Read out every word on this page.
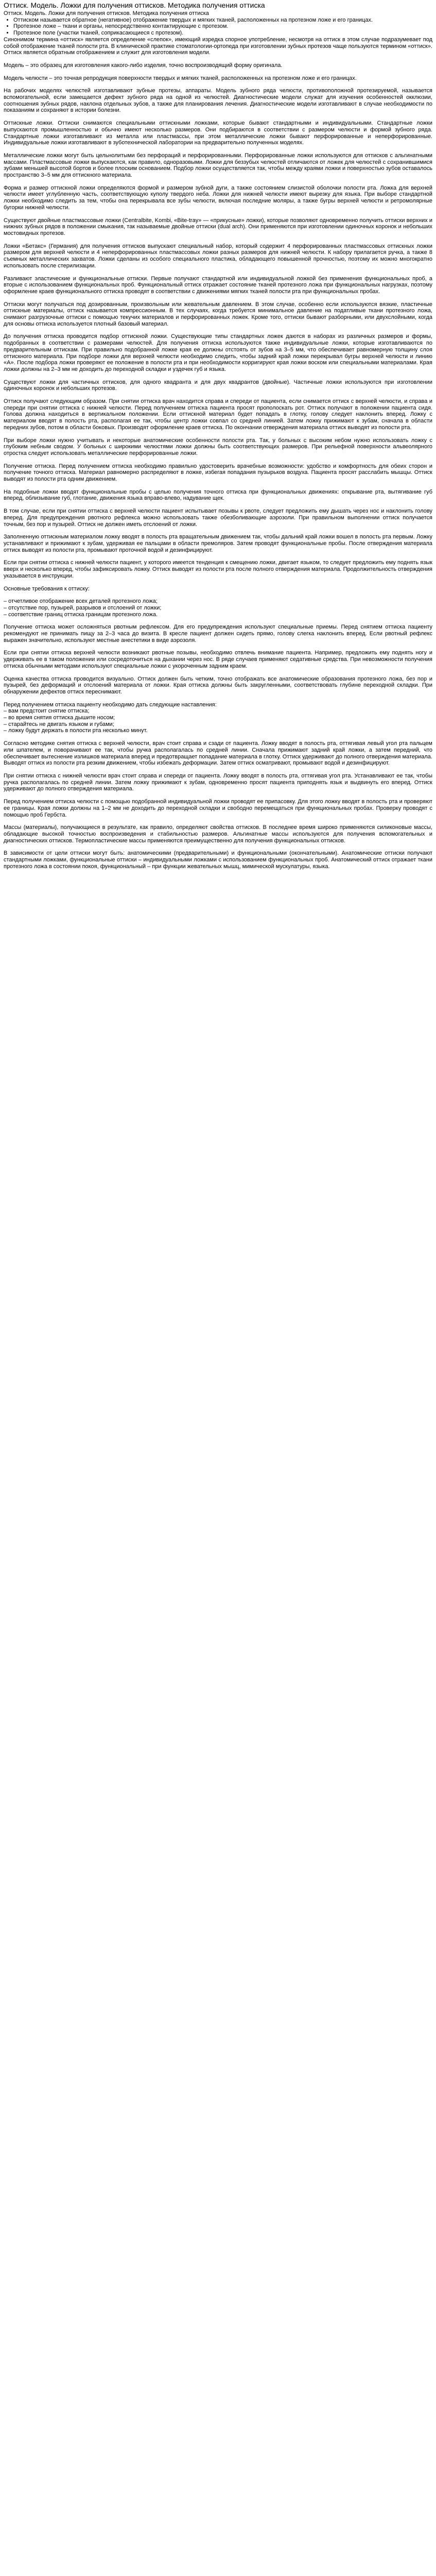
Оттиск. Модель. Ложки для получения оттисков. Методика получения оттиска
Оттиск. Модель. Ложки для получения оттисков. Методика получения оттиска
• Оттиском называется обратное (негативное) отображение твердых и мягких тканей, расположенных на протезном ложе и его границах.
• Протезное ложе – ткани и органы, непосредственно контактирующие с протезом.
• Протезное поле (участки тканей, соприкасающиеся с протезом).

Синонимом термина «оттиск» является определение «слепок», имеющий изредка спорное употребление, несмотря на оттиск в этом случае подразумевает под собой отображение тканей полости рта. В клинической практике стоматологии-ортопеда при изготовлении зубных протезов чаще пользуются термином «оттиск». Оттиск является обратным отображением и служит для изготовления модели.

Модель – это образец для изготовления какого-либо изделия, точно воспроизводящий форму оригинала.

Модель челюсти – это точная репродукция поверхности твердых и мягких тканей, расположенных на протезном ложе и его границах.

На рабочих моделях челюстей изготавливают зубные протезы, аппараты. Модель зубного ряда челюсти, противоположной протезируемой, называется вспомогательной, если замещается дефект зубного ряда на одной из челюстей. Диагностические модели служат для изучения особенностей окклюзии, соотношения зубных рядов, наклона отдельных зубов, а также для планирования лечения. Диагностические модели изготавливают в случае необходимости по показаниям и сохраняют в истории болезни.

Оттискные ложки. Оттиски снимаются специальными оттискными ложками, которые бывают стандартными и индивидуальными. Стандартные ложки выпускаются промышленностью и обычно имеют несколько размеров. Они подбираются в соответствии с размером челюсти и формой зубного ряда. Стандартные ложки изготавливают из металла или пластмассы, при этом металлические ложки бывают перфорированные и неперфорированные. Индивидуальные ложки изготавливают в зуботехнической лаборатории на предварительно полученных моделях.

Металлические ложки могут быть цельнолитыми без перфораций и перфорированными. Перфорированные ложки используются для оттисков с альгинатными массами. Пластмассовые ложки выпускаются, как правило, одноразовыми. Ложки для беззубых челюстей отличаются от ложек для челюстей с сохранившимися зубами меньшей высотой бортов и более плоским основанием. Подбор ложки осуществляется так, чтобы между краями ложки и поверхностью зубов оставалось пространство 3–5 мм для оттискного материала.

Форма и размер оттискной ложки определяются формой и размером зубной дуги, а также состоянием слизистой оболочки полости рта. Ложка для верхней челюсти имеет углубленную часть, соответствующую куполу твердого неба. Ложки для нижней челюсти имеют вырезку для языка. При выборе стандартной ложки необходимо следить за тем, чтобы она перекрывала все зубы челюсти, включая последние моляры, а также бугры верхней челюсти и ретромолярные бугорки нижней челюсти.

Существуют двойные пластмассовые ложки (Centralbite, Kombi, «Bite-tray» — «прикусные» ложки), которые позволяют одновременно получить оттиски верхних и нижних зубных рядов в положении смыкания, так называемые двойные оттиски (dual arch). Они применяются при изготовлении одиночных коронок и небольших мостовидных протезов.

Ложки «Бетакс» (Германия) для получения оттисков выпускают специальный набор, который содержит 4 перфорированных пластмассовых оттискных ложки размером для верхней челюсти и 4 неперфорированных пластмассовых ложки разных размеров для нижней челюсти. К набору прилагается ручка, а также 8 съемных металлических захватов. Ложки сделаны из особого специального пластика, обладающего повышенной прочностью, поэтому их можно многократно использовать после стерилизации.

Разливают эластические и функциональные оттиски. Первые получают стандартной или индивидуальной ложкой без применения функциональных проб, а вторые с использованием функциональных проб. Функциональный оттиск отражает состояние тканей протезного ложа при функциональных нагрузках, поэтому оформление краев функционального оттиска проводят в соответствии с движениями мягких тканей полости рта при функциональных пробах.

Оттиски могут получаться под дозированным, произвольным или жевательным давлением. В этом случае, особенно если используются вязкие, пластичные оттискные материалы, оттиск называется компрессионным. В тех случаях, когда требуется минимальное давление на податливые ткани протезного ложа, снимают разгрузочные оттиски с помощью текучих материалов и перфорированных ложек. Кроме того, оттиски бывают разборными, или двухслойными, когда для основы оттиска используется плотный базовый материал.

До получения оттиска проводится подбор оттискной ложки. Существующие типы стандартных ложек даются в наборах из различных размеров и формы, подобранных в соответствии с размерами челюстей. Для получения оттиска используются также индивидуальные ложки, которые изготавливаются по предварительным оттискам. При правильно подобранной ложке края ее должны отстоять от зубов на 3–5 мм, что обеспечивает равномерную толщину слоя оттискного материала. При подборе ложки для верхней челюсти необходимо следить, чтобы задний край ложки перекрывал бугры верхней челюсти и линию «А». После подбора ложки проверяют ее положение в полости рта и при необходимости корригируют края ложки воском или специальными материалами. Края ложки должны на 2–3 мм не доходить до переходной складки и уздечек губ и языка.

Существуют ложки для частичных оттисков, для одного квадранта и для двух квадрантов (двойные). Частичные ложки используются при изготовлении одиночных коронок и небольших протезов.

Оттиск получают следующим образом. При снятии оттиска врач находится справа и спереди от пациента, если снимается оттиск с верхней челюсти, и справа и спереди при снятии оттиска с нижней челюсти. Перед получением оттиска пациента просят прополоскать рот. Оттиск получают в положении пациента сидя. Голова должна находиться в вертикальном положении. Если оттискной материал будет попадать в глотку, голову следует наклонить вперед. Ложку с материалом вводят в полость рта, располагая ее так, чтобы центр ложки совпал со средней линией. Затем ложку прижимают к зубам, сначала в области передних зубов, потом в области боковых. Производят оформление краев оттиска. По окончании отверждения материала оттиск выводят из полости рта.

При выборе ложки нужно учитывать и некоторые анатомические особенности полости рта. Так, у больных с высоким небом нужно использовать ложку с глубоким небным сводом. У больных с широкими челюстями ложки должны быть соответствующих размеров. При рельефной поверхности альвеолярного отростка следует использовать металлические перфорированные ложки.

Получение оттиска. Перед получением оттиска необходимо правильно удостоверить врачебные возможности: удобство и комфортность для обеих сторон и получение точного оттиска. Материал равномерно распределяют в ложке, избегая попадания пузырьков воздуха. Пациента просят расслабить мышцы. Оттиск выводят из полости рта одним движением.

На подобные ложки вводят функциональные пробы с целью получения точного оттиска при функциональных движениях: открывание рта, вытягивание губ вперед, облизывание губ, глотание, движения языка вправо-влево, надувание щек.

В том случае, если при снятии оттиска с верхней челюсти пациент испытывает позывы к рвоте, следует предложить ему дышать через нос и наклонить голову вперед. Для предупреждения рвотного рефлекса можно использовать также обезболивающие аэрозоли. При правильном выполнении оттиск получается точным, без пор и пузырей. Оттиск не должен иметь отслоений от ложки.

Заполненную оттискным материалом ложку вводят в полость рта вращательным движением так, чтобы дальний край ложки вошел в полость рта первым. Ложку устанавливают и прижимают к зубам, удерживая ее пальцами в области премоляров. Затем проводят функциональные пробы. После отверждения материала оттиск выводят из полости рта, промывают проточной водой и дезинфицируют.

Если при снятии оттиска с нижней челюсти пациент, у которого имеется тенденция к смещению ложки, двигает языком, то следует предложить ему поднять язык вверх и несколько вперед, чтобы зафиксировать ложку. Оттиск выводят из полости рта после полного отверждения материала. Продолжительность отверждения указывается в инструкции.

Основные требования к оттиску:

– отчетливое отображение всех деталей протезного ложа;
– отсутствие пор, пузырей, разрывов и отслоений от ложки;
– соответствие границ оттиска границам протезного ложа.

Получение оттиска может осложняться рвотным рефлексом. Для его предупреждения используют специальные приемы. Перед снятием оттиска пациенту рекомендуют не принимать пищу за 2–3 часа до визита. В кресле пациент должен сидеть прямо, голову слегка наклонить вперед. Если рвотный рефлекс выражен значительно, используют местные анестетики в виде аэрозоля.

Если при снятии оттиска верхней челюсти возникают рвотные позывы, необходимо отвлечь внимание пациента. Например, предложить ему поднять ногу и удерживать ее в таком положении или сосредоточиться на дыхании через нос. В ряде случаев применяют седативные средства. При невозможности получения оттиска обычными методами используют специальные ложки с укороченным задним краем.

Оценка качества оттиска проводится визуально. Оттиск должен быть четким, точно отображать все анатомические образования протезного ложа, без пор и пузырей, без деформаций и отслоений материала от ложки. Края оттиска должны быть закругленными, соответствовать глубине переходной складки. При обнаружении дефектов оттиск переснимают.

Перед получением оттиска пациенту необходимо дать следующие наставления:
– вам предстоит снятие оттиска;
– во время снятия оттиска дышите носом;
– старайтесь не двигать языком и губами;
– ложку будут держать в полости рта несколько минут.

Согласно методике снятия оттиска с верхней челюсти, врач стоит справа и сзади от пациента. Ложку вводят в полость рта, оттягивая левый угол рта пальцем или шпателем, и поворачивают ее так, чтобы ручка располагалась по средней линии. Сначала прижимают задний край ложки, а затем передний, что обеспечивает вытеснение излишков материала вперед и предотвращает попадание материала в глотку. Оттиск удерживают до полного отверждения материала. Выводят оттиск из полости рта резким движением, чтобы избежать деформации. Затем оттиск осматривают, промывают водой и дезинфицируют.

При снятии оттиска с нижней челюсти врач стоит справа и спереди от пациента. Ложку вводят в полость рта, оттягивая угол рта. Устанавливают ее так, чтобы ручка располагалась по средней линии. Затем ложку прижимают к зубам, одновременно просят пациента приподнять язык и выдвинуть его вперед. Оттиск удерживают до полного отверждения материала.

Перед получением оттиска челюсти с помощью подобранной индивидуальной ложки проводят ее припасовку. Для этого ложку вводят в полость рта и проверяют ее границы. Края ложки должны на 1–2 мм не доходить до переходной складки и свободно перемещаться при функциональных пробах. Проверку проводят с помощью проб Гербста.

Массы (материалы), получающиеся в результате, как правило, определяют свойства оттисков. В последнее время широко применяются силиконовые массы, обладающие высокой точностью воспроизведения и стабильностью размеров. Альгинатные массы используются для получения вспомогательных и диагностических оттисков. Термопластические массы применяются преимущественно для получения функциональных оттисков.

В зависимости от цели оттиски могут быть: анатомическими (предварительными) и функциональными (окончательными). Анатомические оттиски получают стандартными ложками, функциональные оттиски – индивидуальными ложками с использованием функциональных проб. Анатомический оттиск отражает ткани протезного ложа в состоянии покоя, функциональный – при функции жевательных мышц, мимической мускулатуры, языка.
